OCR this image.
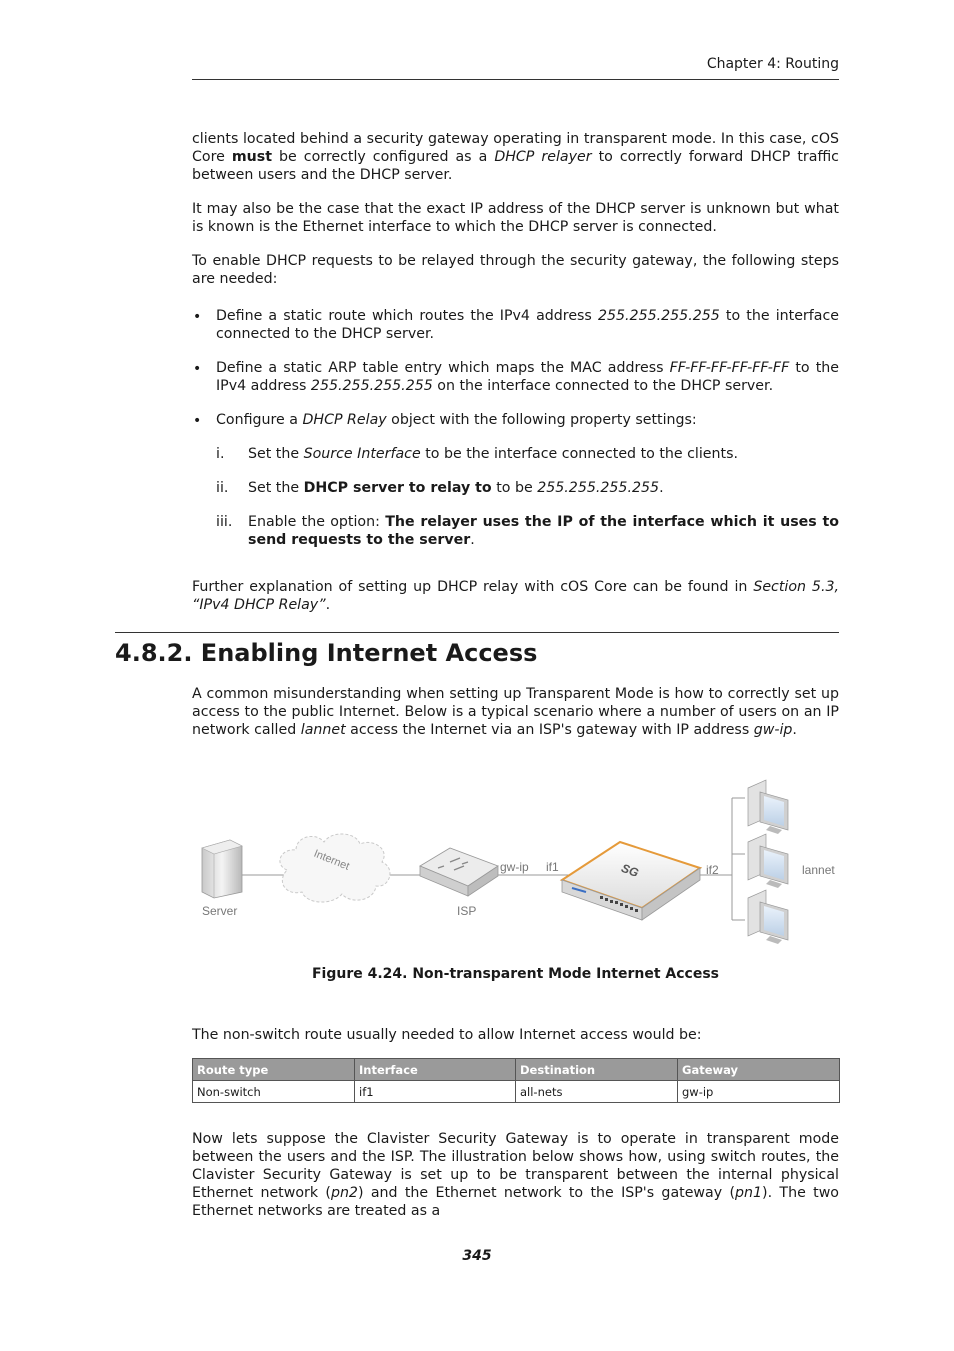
Chapter 4: Routing

clients located behind a security gateway operating in transparent mode. In this case, cOS Core must be correctly configured as a DHCP relayer to correctly forward DHCP traffic between users and the DHCP server.

It may also be the case that the exact IP address of the DHCP server is unknown but what is known is the Ethernet interface to which the DHCP server is connected.

To enable DHCP requests to be relayed through the security gateway, the following steps are needed:

• Define a static route which routes the IPv4 address 255.255.255.255 to the interface connected to the DHCP server.

• Define a static ARP table entry which maps the MAC address FF-FF-FF-FF-FF-FF to the IPv4 address 255.255.255.255 on the interface connected to the DHCP server.

• Configure a DHCP Relay object with the following property settings:

i. Set the Source Interface to be the interface connected to the clients.

ii. Set the DHCP server to relay to to be 255.255.255.255.

iii. Enable the option: The relayer uses the IP of the interface which it uses to send requests to the server.

Further explanation of setting up DHCP relay with cOS Core can be found in Section 5.3, “IPv4 DHCP Relay”.

4.8.2. Enabling Internet Access

A common misunderstanding when setting up Transparent Mode is how to correctly set up access to the public Internet. Below is a typical scenario where a number of users on an IP network called lannet access the Internet via an ISP's gateway with IP address gw-ip.

Server
Internet
ISP
gw-ip if1	SG	if2	lannet
Figure 4.24. Non-transparent Mode Internet Access

The non-switch route usually needed to allow Internet access would be:

Route type	Interface	Destination	Gateway
Non-switch	if1	all-nets	gw-ip

Now lets suppose the Clavister Security Gateway is to operate in transparent mode between the users and the ISP. The illustration below shows how, using switch routes, the Clavister Security Gateway is set up to be transparent between the internal physical Ethernet network (pn2) and the Ethernet network to the ISP's gateway (pn1). The two Ethernet networks are treated as a

345
